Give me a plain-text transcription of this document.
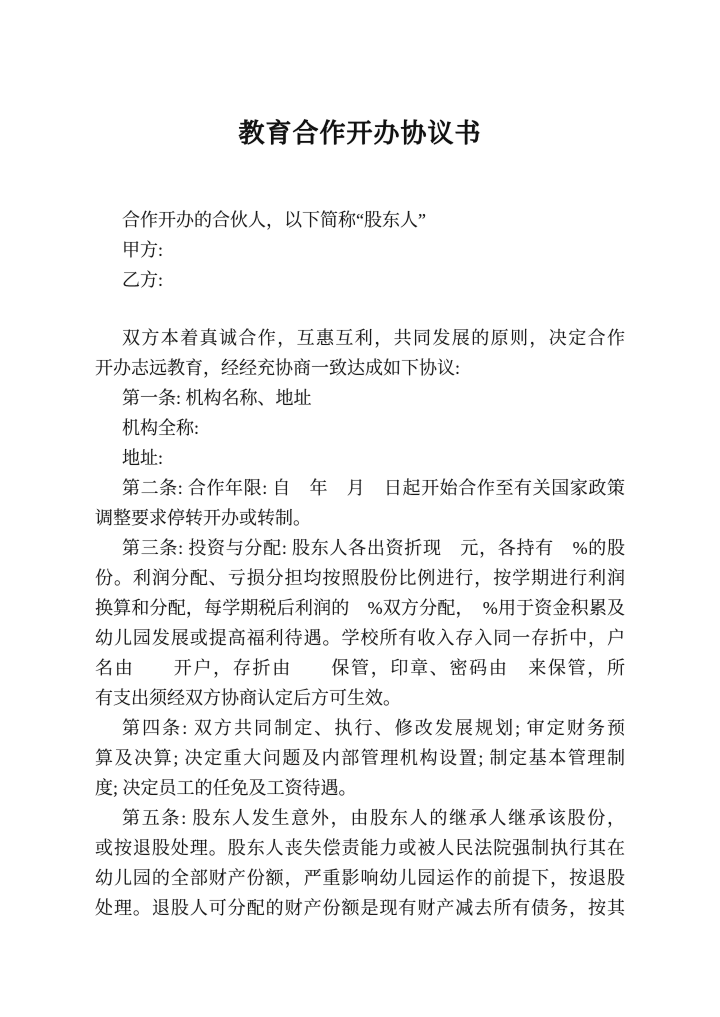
教育合作开办协议书
合作开办的合伙人，以下简称“股东人”
甲方:
乙方:
双方本着真诚合作，互惠互利，共同发展的原则，决定合作
开办志远教育，经经充协商一致达成如下协议:
第一条: 机构名称、地址
机构全称:
地址:
第二条: 合作年限: 自　年　月　日起开始合作至有关国家政策
调整要求停转开办或转制。
第三条: 投资与分配: 股东人各出资折现　元，各持有　%的股
份。利润分配、亏损分担均按照股份比例进行，按学期进行利润
换算和分配，每学期税后利润的　%双方分配，　%用于资金积累及
幼儿园发展或提高福利待遇。学校所有收入存入同一存折中，户
名由　　开户，存折由　　保管，印章、密码由　来保管，所
有支出须经双方协商认定后方可生效。
第四条: 双方共同制定、执行、修改发展规划; 审定财务预
算及决算; 决定重大问题及内部管理机构设置; 制定基本管理制
度; 决定员工的任免及工资待遇。
第五条: 股东人发生意外，由股东人的继承人继承该股份，
或按退股处理。股东人丧失偿责能力或被人民法院强制执行其在
幼儿园的全部财产份额，严重影响幼儿园运作的前提下，按退股
处理。退股人可分配的财产份额是现有财产减去所有债务，按其
